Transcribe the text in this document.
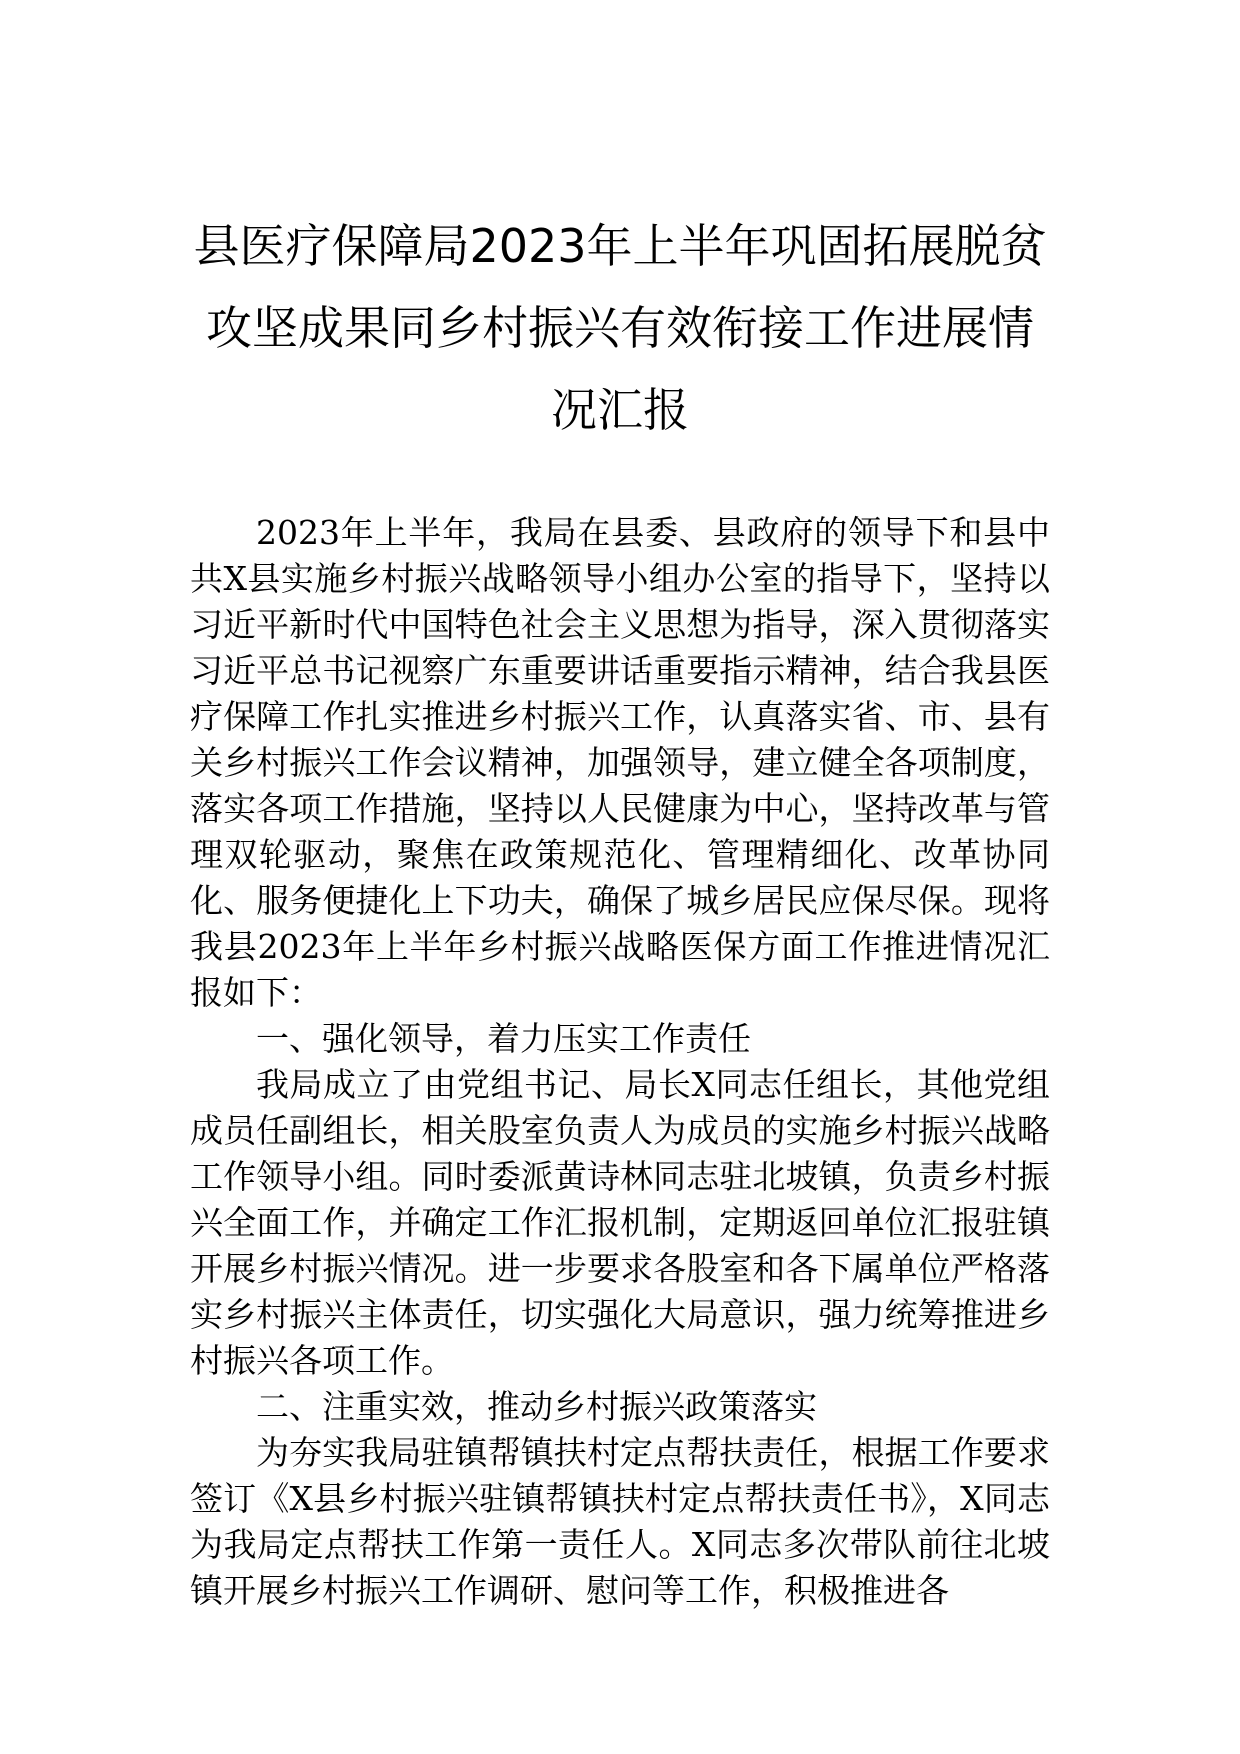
县医疗保障局2023年上半年巩固拓展脱贫
攻坚成果同乡村振兴有效衔接工作进展情
况汇报

2023年上半年，我局在县委、县政府的领导下和县中共X县实施乡村振兴战略领导小组办公室的指导下，坚持以习近平新时代中国特色社会主义思想为指导，深入贯彻落实习近平总书记视察广东重要讲话重要指示精神，结合我县医疗保障工作扎实推进乡村振兴工作，认真落实省、市、县有关乡村振兴工作会议精神，加强领导，建立健全各项制度，落实各项工作措施，坚持以人民健康为中心，坚持改革与管理双轮驱动，聚焦在政策规范化、管理精细化、改革协同化、服务便捷化上下功夫，确保了城乡居民应保尽保。现将我县2023年上半年乡村振兴战略医保方面工作推进情况汇报如下：

一、强化领导，着力压实工作责任

我局成立了由党组书记、局长X同志任组长，其他党组成员任副组长，相关股室负责人为成员的实施乡村振兴战略工作领导小组。同时委派黄诗林同志驻北坡镇，负责乡村振兴全面工作，并确定工作汇报机制，定期返回单位汇报驻镇开展乡村振兴情况。进一步要求各股室和各下属单位严格落实乡村振兴主体责任，切实强化大局意识，强力统筹推进乡村振兴各项工作。

二、注重实效，推动乡村振兴政策落实

为夯实我局驻镇帮镇扶村定点帮扶责任，根据工作要求签订《X县乡村振兴驻镇帮镇扶村定点帮扶责任书》，X同志为我局定点帮扶工作第一责任人。X同志多次带队前往北坡镇开展乡村振兴工作调研、慰问等工作，积极推进各
